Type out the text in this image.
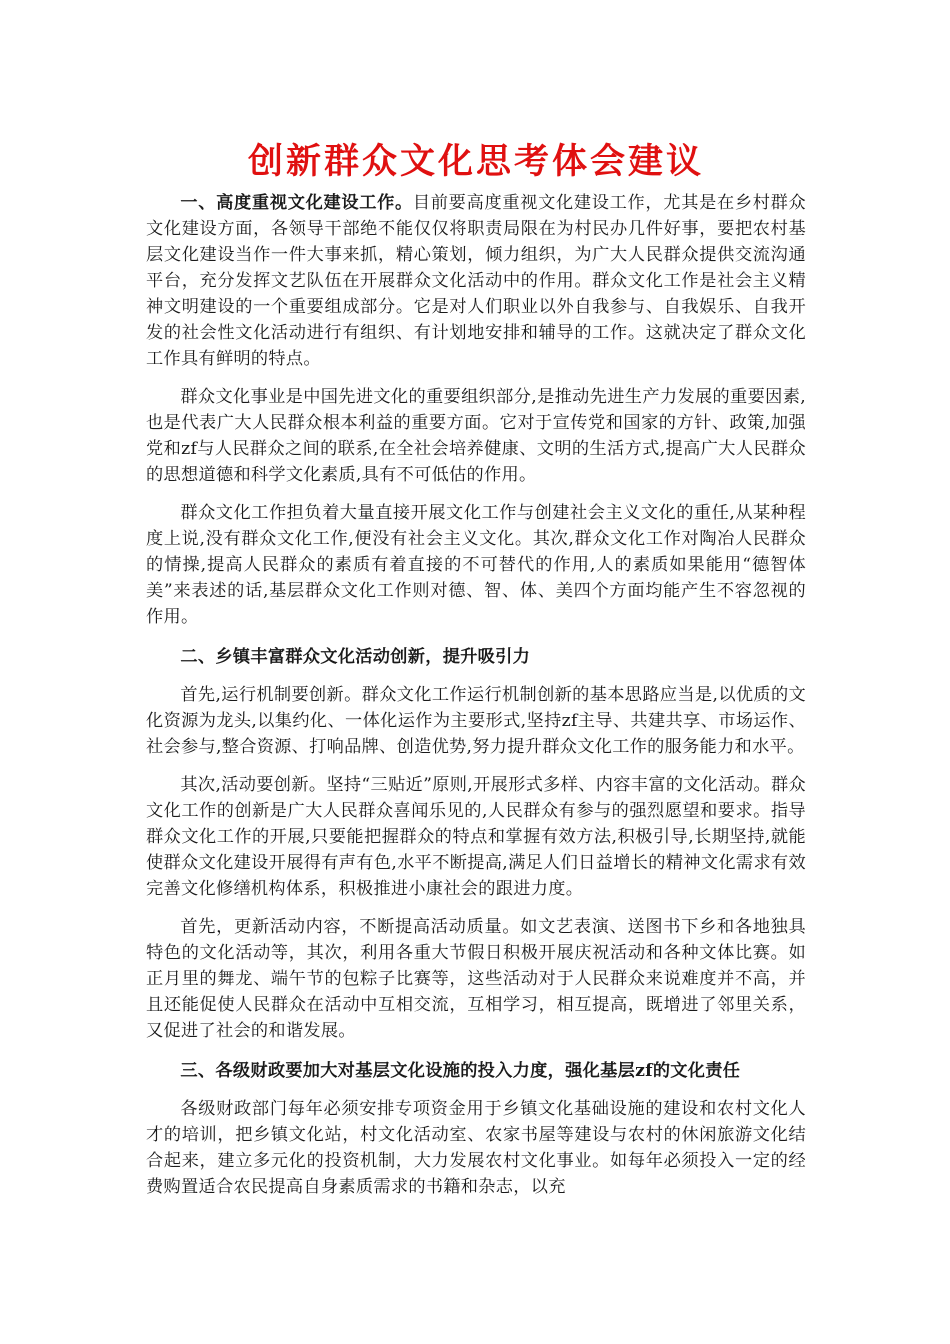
创新群众文化思考体会建议

一、高度重视文化建设工作。目前要高度重视文化建设工作，尤其是在乡村群众文化建设方面，各领导干部绝不能仅仅将职责局限在为村民办几件好事，要把农村基层文化建设当作一件大事来抓，精心策划，倾力组织，为广大人民群众提供交流沟通平台，充分发挥文艺队伍在开展群众文化活动中的作用。群众文化工作是社会主义精神文明建设的一个重要组成部分。它是对人们职业以外自我参与、自我娱乐、自我开发的社会性文化活动进行有组织、有计划地安排和辅导的工作。这就决定了群众文化工作具有鲜明的特点。

群众文化事业是中国先进文化的重要组织部分,是推动先进生产力发展的重要因素,也是代表广大人民群众根本利益的重要方面。它对于宣传党和国家的方针、政策,加强党和zf与人民群众之间的联系,在全社会培养健康、文明的生活方式,提高广大人民群众的思想道德和科学文化素质,具有不可低估的作用。

群众文化工作担负着大量直接开展文化工作与创建社会主义文化的重任,从某种程度上说,没有群众文化工作,便没有社会主义文化。其次,群众文化工作对陶冶人民群众的情操,提高人民群众的素质有着直接的不可替代的作用,人的素质如果能用“德智体美”来表述的话,基层群众文化工作则对德、智、体、美四个方面均能产生不容忽视的作用。

二、乡镇丰富群众文化活动创新，提升吸引力

首先,运行机制要创新。群众文化工作运行机制创新的基本思路应当是,以优质的文化资源为龙头,以集约化、一体化运作为主要形式,坚持zf主导、共建共享、市场运作、社会参与,整合资源、打响品牌、创造优势,努力提升群众文化工作的服务能力和水平。

其次,活动要创新。坚持“三贴近”原则,开展形式多样、内容丰富的文化活动。群众文化工作的创新是广大人民群众喜闻乐见的,人民群众有参与的强烈愿望和要求。指导群众文化工作的开展,只要能把握群众的特点和掌握有效方法,积极引导,长期坚持,就能使群众文化建设开展得有声有色,水平不断提高,满足人们日益增长的精神文化需求有效完善文化修缮机构体系，积极推进小康社会的跟进力度。

首先，更新活动内容，不断提高活动质量。如文艺表演、送图书下乡和各地独具特色的文化活动等，其次，利用各重大节假日积极开展庆祝活动和各种文体比赛。如正月里的舞龙、端午节的包粽子比赛等，这些活动对于人民群众来说难度并不高，并且还能促使人民群众在活动中互相交流，互相学习，相互提高，既增进了邻里关系，又促进了社会的和谐发展。

三、各级财政要加大对基层文化设施的投入力度，强化基层zf的文化责任

各级财政部门每年必须安排专项资金用于乡镇文化基础设施的建设和农村文化人才的培训，把乡镇文化站，村文化活动室、农家书屋等建设与农村的休闲旅游文化结合起来，建立多元化的投资机制，大力发展农村文化事业。如每年必须投入一定的经费购置适合农民提高自身素质需求的书籍和杂志，以充
